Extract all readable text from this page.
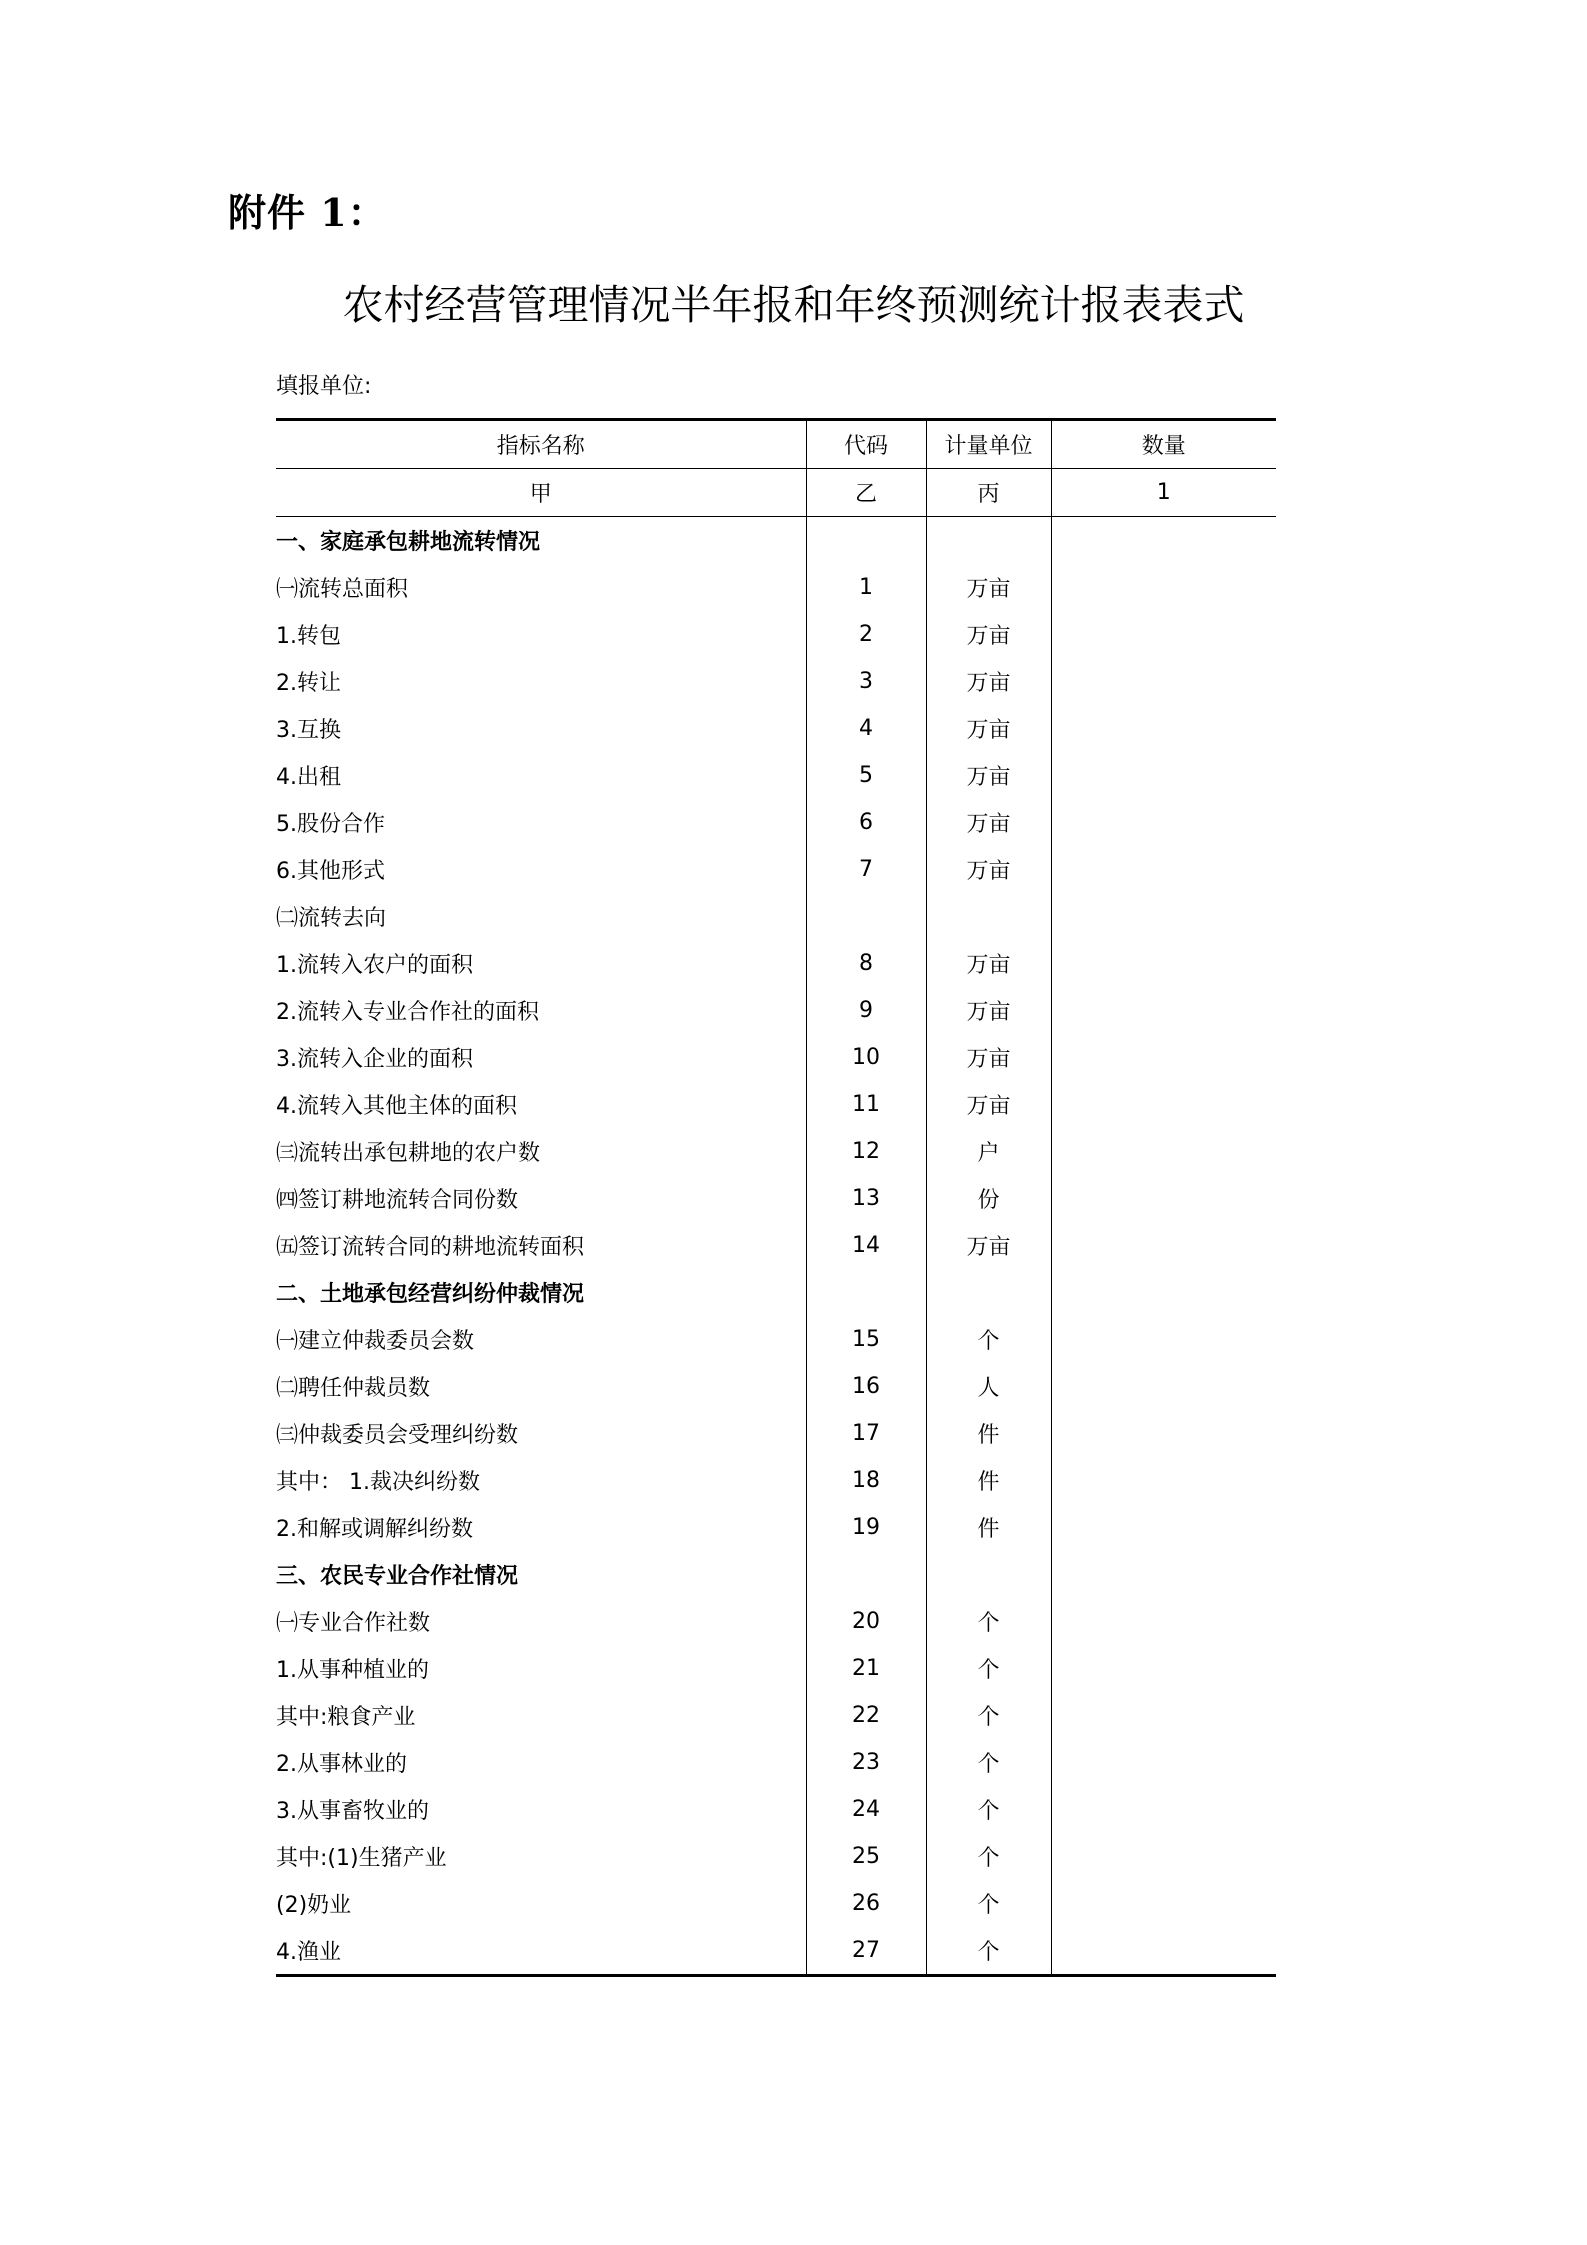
附件 1：
农村经营管理情况半年报和年终预测统计报表表式
填报单位:
指标名称	代码	计量单位	数量
甲	乙	丙	1
一、家庭承包耕地流转情况			
㈠流转总面积	1	万亩	
1.转包	2	万亩	
2.转让	3	万亩	
3.互换	4	万亩	
4.出租	5	万亩	
5.股份合作	6	万亩	
6.其他形式	7	万亩	
㈡流转去向			
1.流转入农户的面积	8	万亩	
2.流转入专业合作社的面积	9	万亩	
3.流转入企业的面积	10	万亩	
4.流转入其他主体的面积	11	万亩	
㈢流转出承包耕地的农户数	12	户	
㈣签订耕地流转合同份数	13	份	
㈤签订流转合同的耕地流转面积	14	万亩	
二、土地承包经营纠纷仲裁情况			
㈠建立仲裁委员会数	15	个	
㈡聘任仲裁员数	16	人	
㈢仲裁委员会受理纠纷数	17	件	
其中： 1.裁决纠纷数	18	件	
2.和解或调解纠纷数	19	件	
三、农民专业合作社情况			
㈠专业合作社数	20	个	
1.从事种植业的	21	个	
其中:粮食产业	22	个	
2.从事林业的	23	个	
3.从事畜牧业的	24	个	
其中:(1)生猪产业	25	个	
(2)奶业	26	个	
4.渔业	27	个	
